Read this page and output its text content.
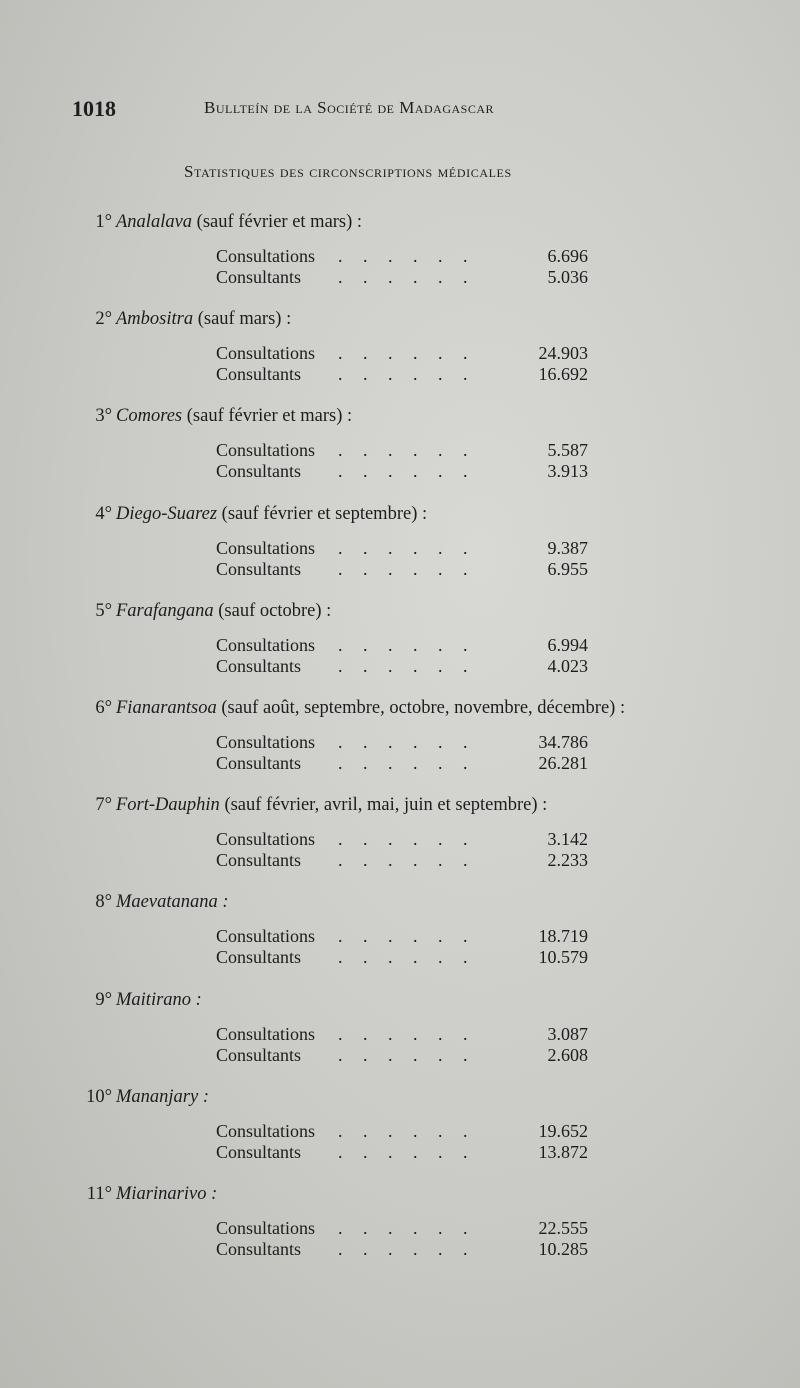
1018	Bullteín de la Société de Madagascar
Statistiques des circonscriptions médicales
1° Analalava (sauf février et mars) :
Consultations . . . . . .	6.696
Consultants . . . . . .	5.036
2° Ambositra (sauf mars) :
Consultations . . . . . .	24.903
Consultants . . . . . .	16.692
3° Comores (sauf février et mars) :
Consultations . . . . . .	5.587
Consultants . . . . . .	3.913
4° Diego-Suarez (sauf février et septembre) :
Consultations . . . . . .	9.387
Consultants . . . . . .	6.955
5° Farafangana (sauf octobre) :
Consultations . . . . . .	6.994
Consultants . . . . . .	4.023
6° Fianarantsoa (sauf août, septembre, octobre, novembre, décembre) :
Consultations . . . . . .	34.786
Consultants . . . . . .	26.281
7° Fort-Dauphin (sauf février, avril, mai, juin et septembre) :
Consultations . . . . . .	3.142
Consultants . . . . . .	2.233
8° Maevatanana :
Consultations . . . . . .	18.719
Consultants . . . . . .	10.579
9° Maitirano :
Consultations . . . . . .	3.087
Consultants . . . . . .	2.608
10° Mananjary :
Consultations . . . . . .	19.652
Consultants . . . . . .	13.872
11° Miarinarivo :
Consultations . . . . . .	22.555
Consultants . . . . . .	10.285
